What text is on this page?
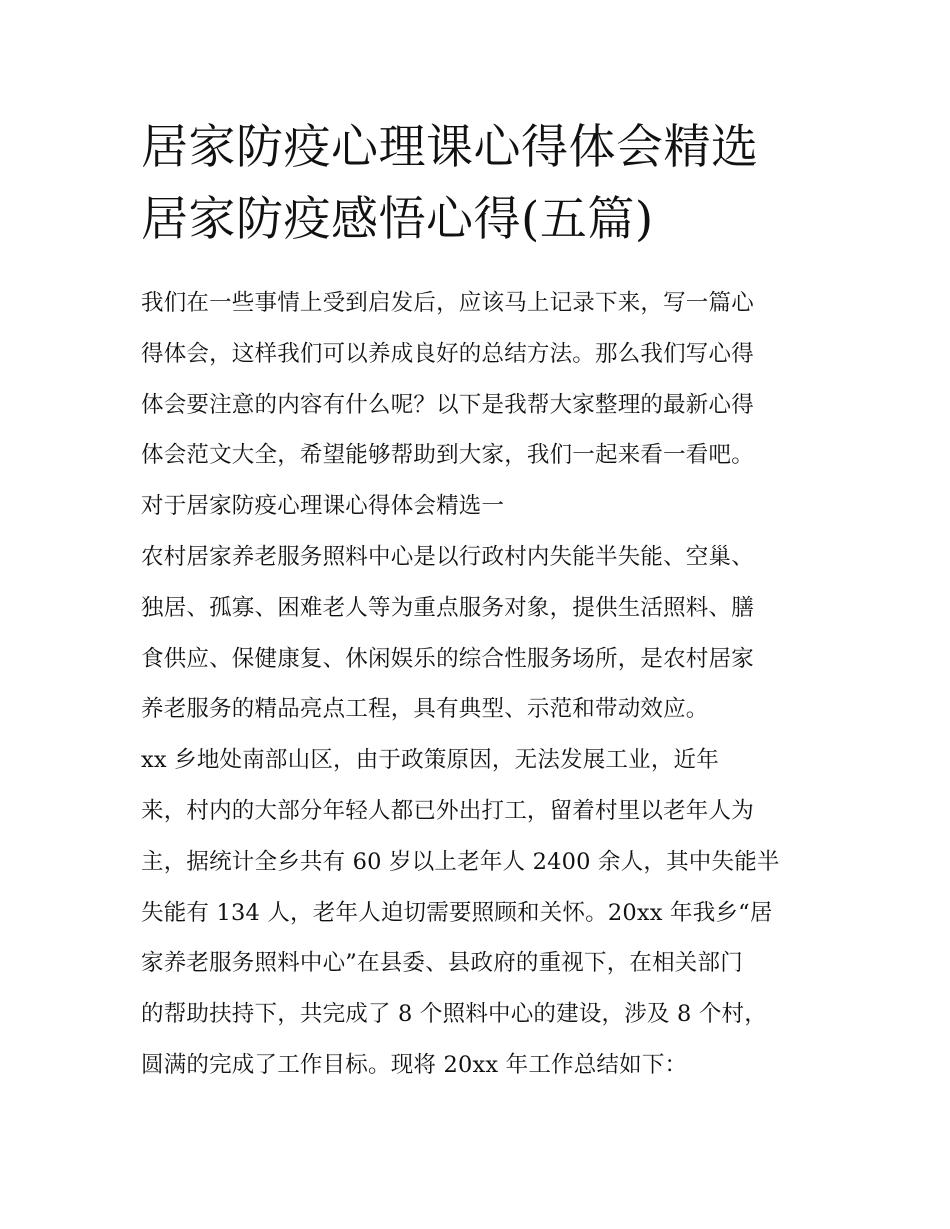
居家防疫心理课心得体会精选
居家防疫感悟心得(五篇)
我们在一些事情上受到启发后，应该马上记录下来，写一篇心
得体会，这样我们可以养成良好的总结方法。那么我们写心得
体会要注意的内容有什么呢？以下是我帮大家整理的最新心得
体会范文大全，希望能够帮助到大家，我们一起来看一看吧。
对于居家防疫心理课心得体会精选一
农村居家养老服务照料中心是以行政村内失能半失能、空巢、
独居、孤寡、困难老人等为重点服务对象，提供生活照料、膳
食供应、保健康复、休闲娱乐的综合性服务场所，是农村居家
养老服务的精品亮点工程，具有典型、示范和带动效应。
xx 乡地处南部山区，由于政策原因，无法发展工业，近年
来，村内的大部分年轻人都已外出打工，留着村里以老年人为
主，据统计全乡共有 60 岁以上老年人 2400 余人，其中失能半
失能有 134 人，老年人迫切需要照顾和关怀。20xx 年我乡“居
家养老服务照料中心”在县委、县政府的重视下，在相关部门
的帮助扶持下，共完成了 8 个照料中心的建设，涉及 8 个村，
圆满的完成了工作目标。现将 20xx 年工作总结如下：
